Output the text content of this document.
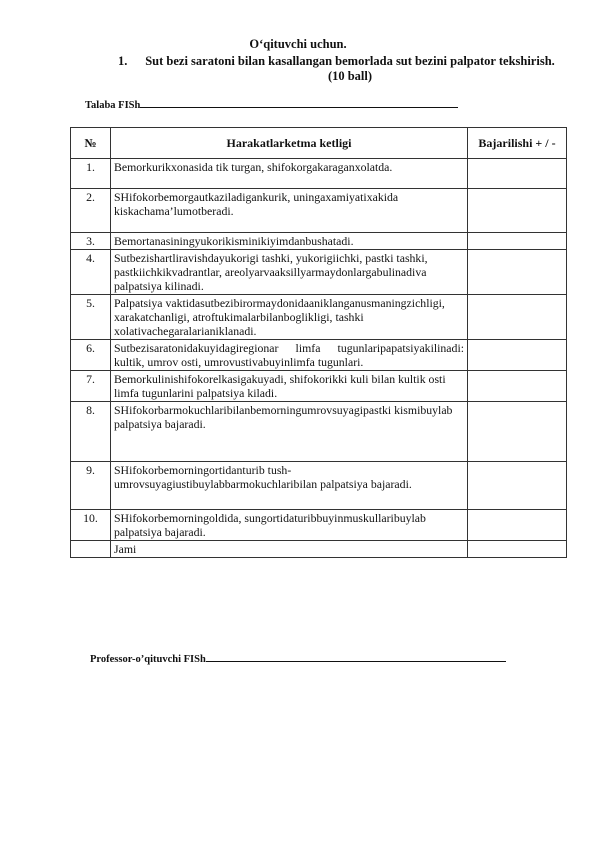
O‘qituvchi uchun.
1. Sut bezi saratoni bilan kasallangan bemorlada sut bezini palpator tekshirish. (10 ball)
Talaba FISh
№	Harakatlarketma ketligi	Bajarilishi + / -
1.	Bemorkurikxonasida tik turgan, shifokorgakaraganxolatda.	
2.	SHifokorbemorgautkaziladigankurik, uningaxamiyatixakida kiskachama’lumotberadi.	
3.	Bemortanasiningyukorikisminikiyimdanbushatadi.	
4.	Sutbezishartliravishdayukorigi tashki, yukorigiichki, pastki tashki, pastkiichkikvadrantlar, areolyarvaaksillyarmaydonlargabulinadiva palpatsiya kilinadi.	
5.	Palpatsiya vaktidasutbezibirormaydonidaaniklanganusmaningzichligi, xarakatchanligi, atroftukimalarbilanboglikligi, tashki xolativachegaralarianiklanadi.	
6.	Sutbezisaratonidakuyidagiregionar limfa tugunlaripapatsiyakilinadi: kultik, umrov osti, umrovustivabuyinlimfa tugunlari.	
7.	Bemorkulinishifokorelkasigakuyadi, shifokorikki kuli bilan kultik osti limfa tugunlarini palpatsiya kiladi.	
8.	SHifokorbarmokuchlaribilanbemorningumrovsuyagipastki kismibuylab palpatsiya bajaradi.	
9.	SHifokorbemorningortidanturib tush-umrovsuyagiustibuylabbarmokuchlaribilan palpatsiya bajaradi.	
10.	SHifokorbemorningoldida, sungortidaturibbuyinmuskullaribuylab palpatsiya bajaradi.	
	Jami	
Professor-o’qituvchi FISh
